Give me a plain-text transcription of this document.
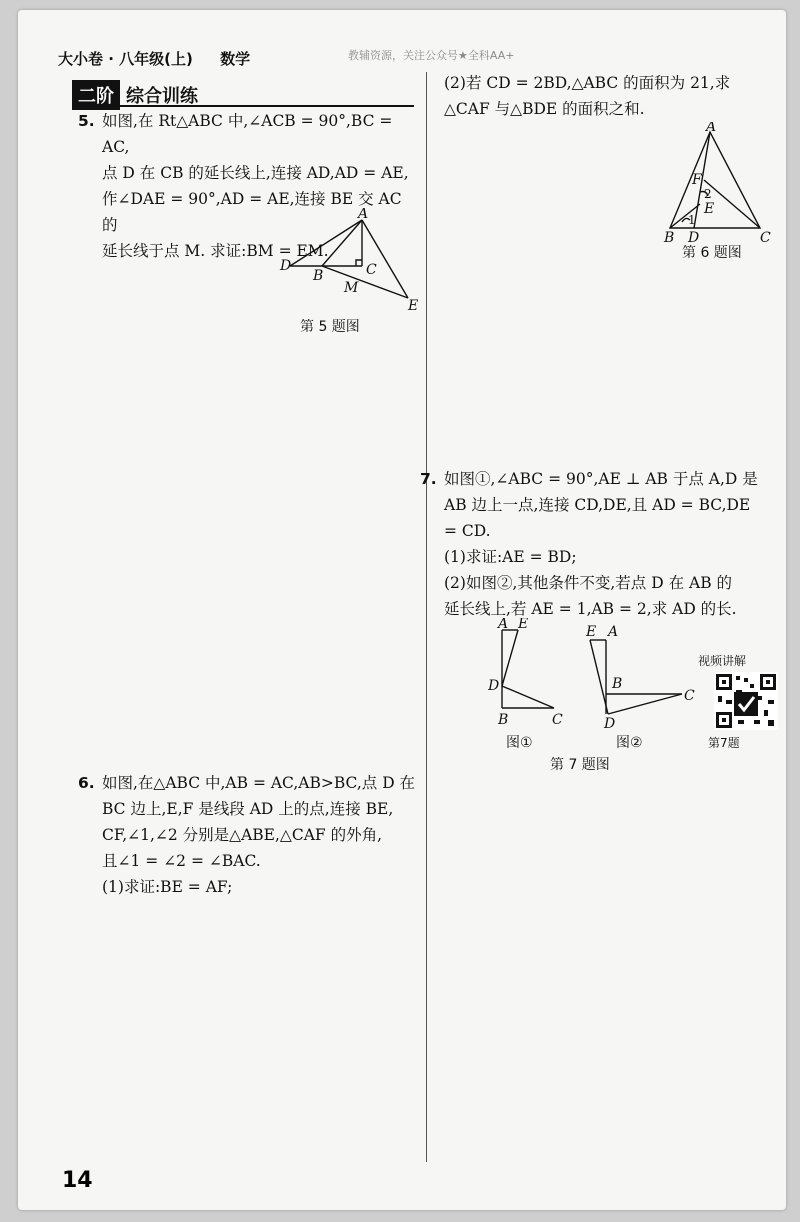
大小卷 · 八年级(上) 数学	教辅资源，关注公众号★全科AA+
二阶 综合训练
5. 如图,在 Rt△ABC 中,∠ACB = 90°,BC = AC,

点 D 在 CB 的延长线上,连接 AD,AD = AE,

作∠DAE = 90°,AD = AE,连接 BE 交 AC 的

延长线于点 M. 求证:BM = EM.

A
D
B	C
M
E
第 5 题图
6. 如图,在△ABC 中,AB = AC,AB>BC,点 D 在

BC 边上,E,F 是线段 AD 上的点,连接 BE,

CF,∠1,∠2 分别是△ABE,△CAF 的外角,

且∠1 = ∠2 = ∠BAC.

(1)求证:BE = AF;

(2)若 CD = 2BD,△ABC 的面积为 21,求

△CAF 与△BDE 的面积之和.

A
F
2
E
1
B D	C
第 6 题图
7. 如图①,∠ABC = 90°,AE ⊥ AB 于点 A,D 是

AB 边上一点,连接 CD,DE,且 AD = BC,DE

= CD.

(1)求证:AE = BD;

(2)如图②,其他条件不变,若点 D 在 AB 的

延长线上,若 AE = 1,AB = 2,求 AD 的长.

A E
D
B	C
E A
B
C
D
图①	图②
第 7 题图
视频讲解
第7题
14
